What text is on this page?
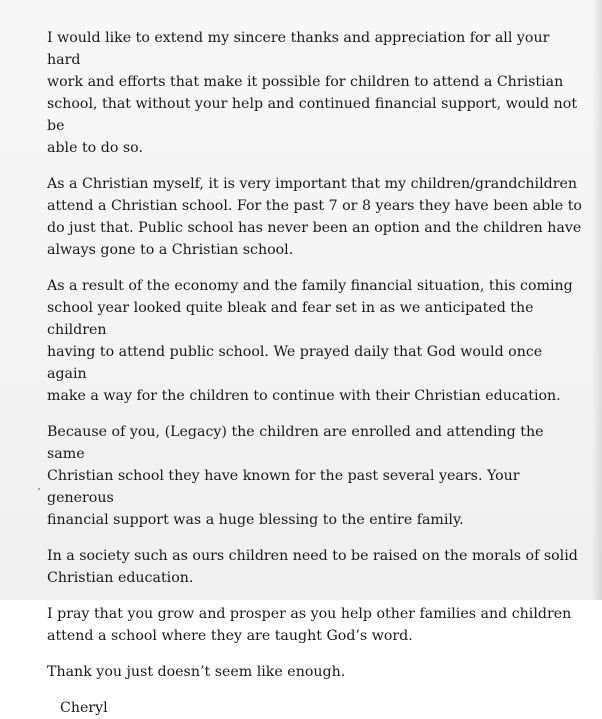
I would like to extend my sincere thanks and appreciation for all your hard
work and efforts that make it possible for children to attend a Christian
school, that without your help and continued financial support, would not be
able to do so.

As a Christian myself, it is very important that my children/grandchildren
attend a Christian school. For the past 7 or 8 years they have been able to
do just that. Public school has never been an option and the children have
always gone to a Christian school.

As a result of the economy and the family financial situation, this coming
school year looked quite bleak and fear set in as we anticipated the children
having to attend public school. We prayed daily that God would once again
make a way for the children to continue with their Christian education.

Because of you, (Legacy) the children are enrolled and attending the same
Christian school they have known for the past several years. Your generous
financial support was a huge blessing to the entire family.

In a society such as ours children need to be raised on the morals of solid
Christian education.

I pray that you grow and prosper as you help other families and children
attend a school where they are taught God’s word.

Thank you just doesn’t seem like enough.

Cheryl
